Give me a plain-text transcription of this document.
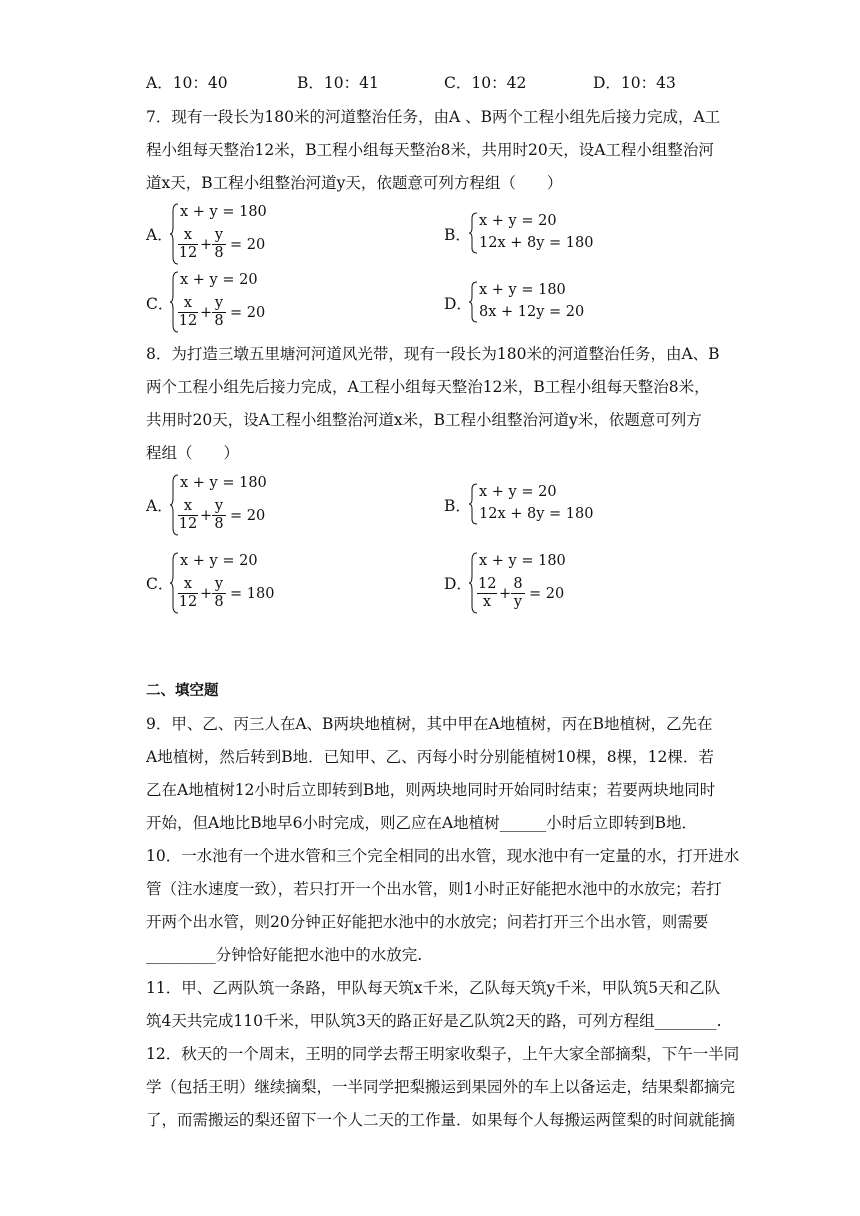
A．10：40	B．10：41	C．10：42	D．10：43
7．现有一段长为180米的河道整治任务，由A 、B两个工程小组先后接力完成，A工
程小组每天整治12米，B工程小组每天整治8米，共用时20天，设A工程小组整治河
道x天，B工程小组整治河道y天，依题意可列方程组（　　）
A．
x + y = 180
$\frac{x}{12} + \frac{y}{8} = 20$
B．
x + y = 20
12x + 8y = 180
C．
x + y = 20
$\frac{x}{12} + \frac{y}{8} = 20$	D．
x + y = 180
8x + 12y = 20
8．为打造三墩五里塘河河道风光带，现有一段长为180米的河道整治任务，由A、B
两个工程小组先后接力完成，A工程小组每天整治12米，B工程小组每天整治8米，
共用时20天，设A工程小组整治河道x米，B工程小组整治河道y米，依题意可列方
程组（　　）
A．
x + y = 180
$\frac{x}{12} + \frac{y}{8} = 20$
B．
x + y = 20
12x + 8y = 180
C．
x + y = 20
$\frac{x}{12} + \frac{y}{8} = 180$
D．
x + y = 180
$\frac{12}{x} + \frac{8}{y} = 20$
二、填空题
9．甲、乙、丙三人在A、B两块地植树，其中甲在A地植树，丙在B地植树，乙先在
A地植树，然后转到B地．已知甲、乙、丙每小时分别能植树10棵，8棵，12棵．若
乙在A地植树12小时后立即转到B地，则两块地同时开始同时结束；若要两块地同时
开始，但A地比B地早6小时完成，则乙应在A地植树______小时后立即转到B地．
10．一水池有一个进水管和三个完全相同的出水管，现水池中有一定量的水，打开进水
管（注水速度一致），若只打开一个出水管，则1小时正好能把水池中的水放完；若打
开两个出水管，则20分钟正好能把水池中的水放完；问若打开三个出水管，则需要
_________分钟恰好能把水池中的水放完.
11．甲、乙两队筑一条路，甲队每天筑x千米，乙队每天筑y千米，甲队筑5天和乙队
筑4天共完成110千米，甲队筑3天的路正好是乙队筑2天的路，可列方程组________.
12．秋天的一个周末，王明的同学去帮王明家收梨子，上午大家全部摘梨，下午一半同
学（包括王明）继续摘梨，一半同学把梨搬运到果园外的车上以备运走，结果梨都摘完
了，而需搬运的梨还留下一个人二天的工作量．如果每个人每搬运两筐梨的时间就能摘
